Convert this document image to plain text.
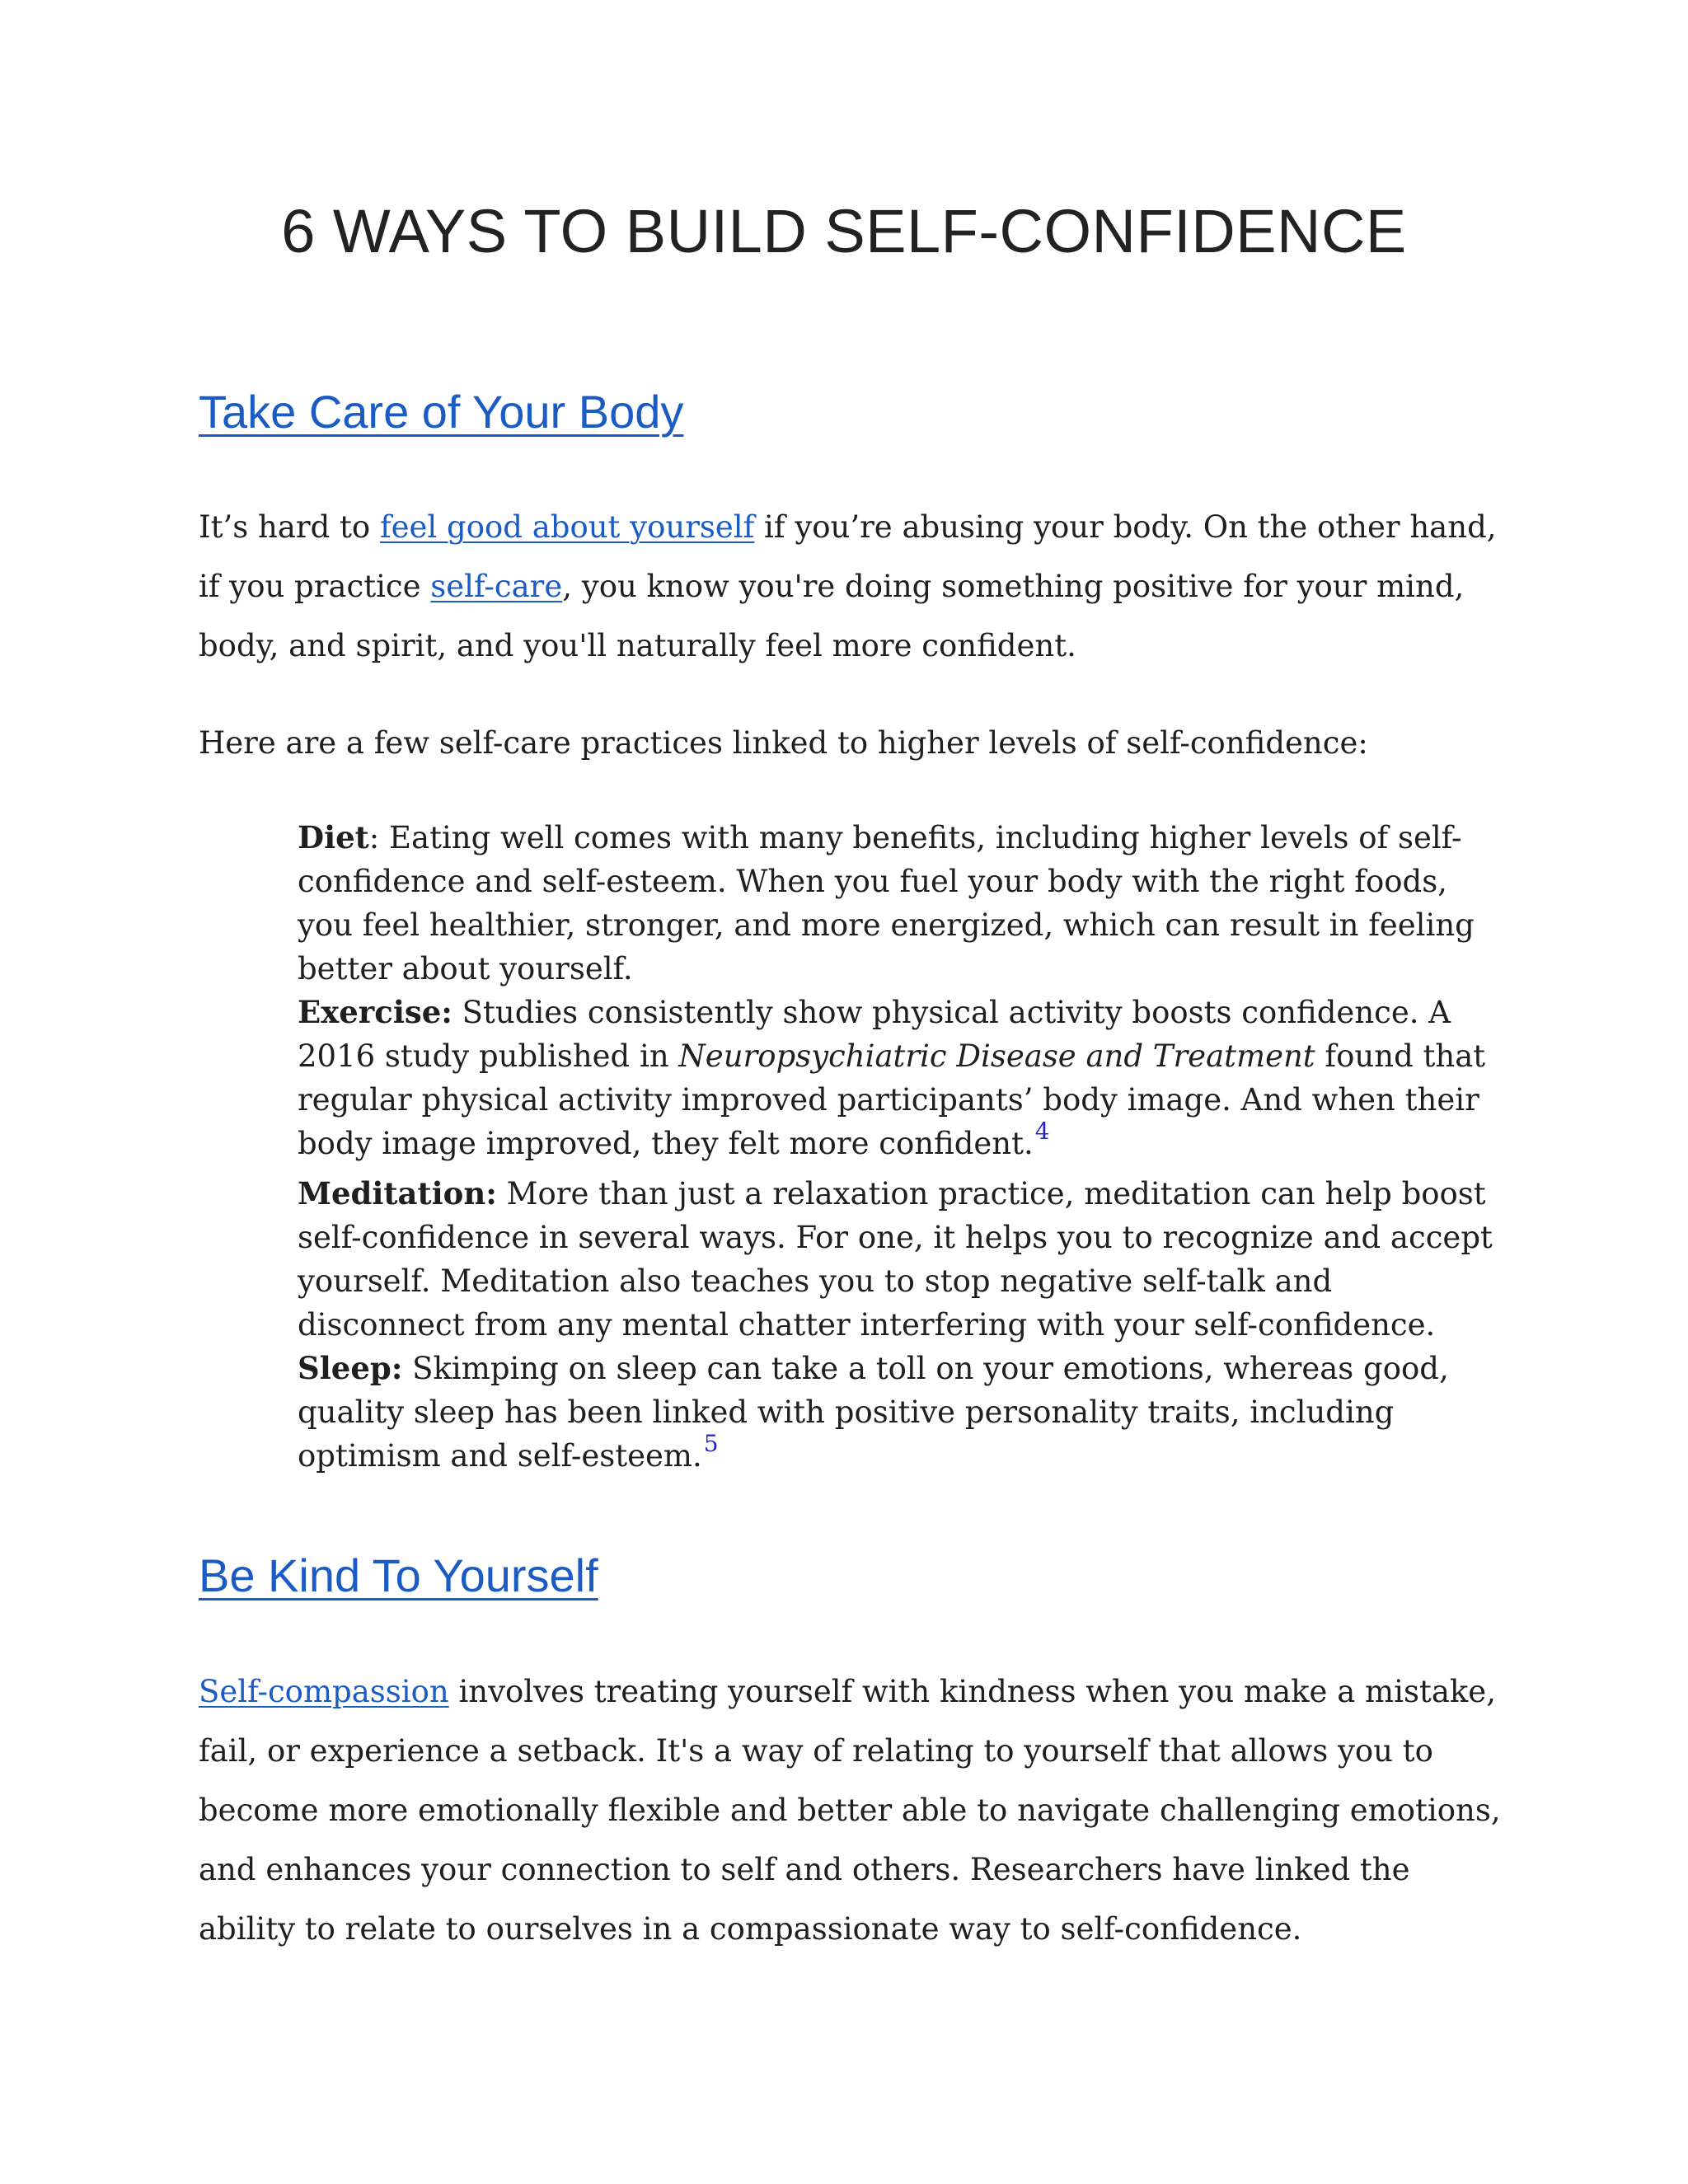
6 WAYS TO BUILD SELF-CONFIDENCE
Take Care of Your Body

It’s hard to feel good about yourself if you’re abusing your body. On the other hand, if you practice self-care, you know you're doing something positive for your mind, body, and spirit, and you'll naturally feel more confident.

Here are a few self-care practices linked to higher levels of self-confidence:

Diet: Eating well comes with many benefits, including higher levels of self-confidence and self-esteem. When you fuel your body with the right foods, you feel healthier, stronger, and more energized, which can result in feeling better about yourself.
Exercise: Studies consistently show physical activity boosts confidence. A 2016 study published in Neuropsychiatric Disease and Treatment found that regular physical activity improved participants’ body image. And when their body image improved, they felt more confident.$^4$
Meditation: More than just a relaxation practice, meditation can help boost self-confidence in several ways. For one, it helps you to recognize and accept yourself. Meditation also teaches you to stop negative self-talk and disconnect from any mental chatter interfering with your self-confidence.
Sleep: Skimping on sleep can take a toll on your emotions, whereas good, quality sleep has been linked with positive personality traits, including optimism and self-esteem.$^5$
Be Kind To Yourself

Self-compassion involves treating yourself with kindness when you make a mistake, fail, or experience a setback. It's a way of relating to yourself that allows you to become more emotionally flexible and better able to navigate challenging emotions, and enhances your connection to self and others. Researchers have linked the ability to relate to ourselves in a compassionate way to self-confidence.
